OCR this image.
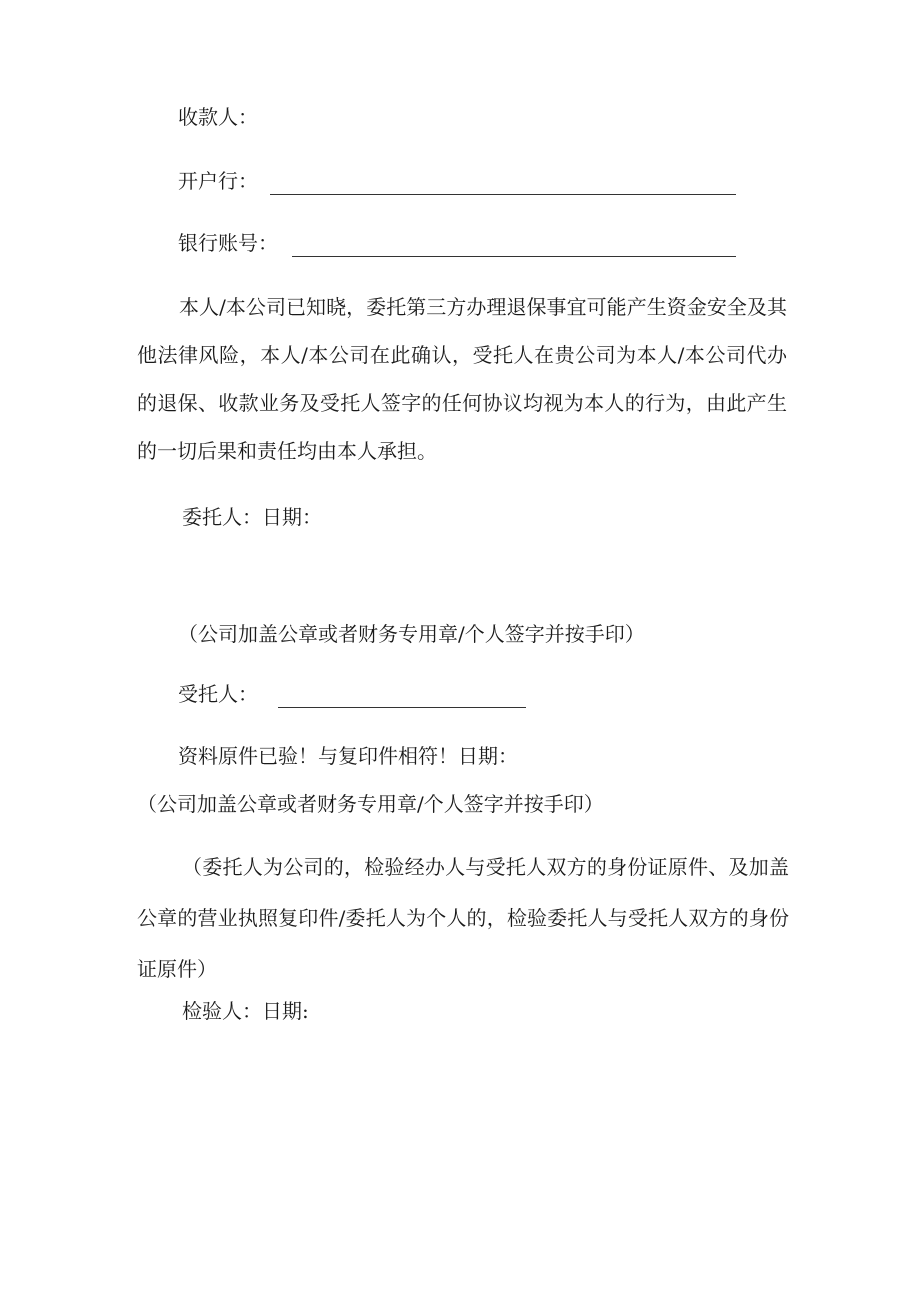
收款人：
开户行：
银行账号：
本人/本公司已知晓，委托第三方办理退保事宜可能产生资金安全及其他法律风险，本人/本公司在此确认，受托人在贵公司为本人/本公司代办的退保、收款业务及受托人签字的任何协议均视为本人的行为，由此产生的一切后果和责任均由本人承担。
委托人：日期：
（公司加盖公章或者财务专用章/个人签字并按手印）
受托人：
资料原件已验！与复印件相符！日期：
（公司加盖公章或者财务专用章/个人签字并按手印）
（委托人为公司的，检验经办人与受托人双方的身份证原件、及加盖公章的营业执照复印件/委托人为个人的，检验委托人与受托人双方的身份证原件）
检验人：日期:
